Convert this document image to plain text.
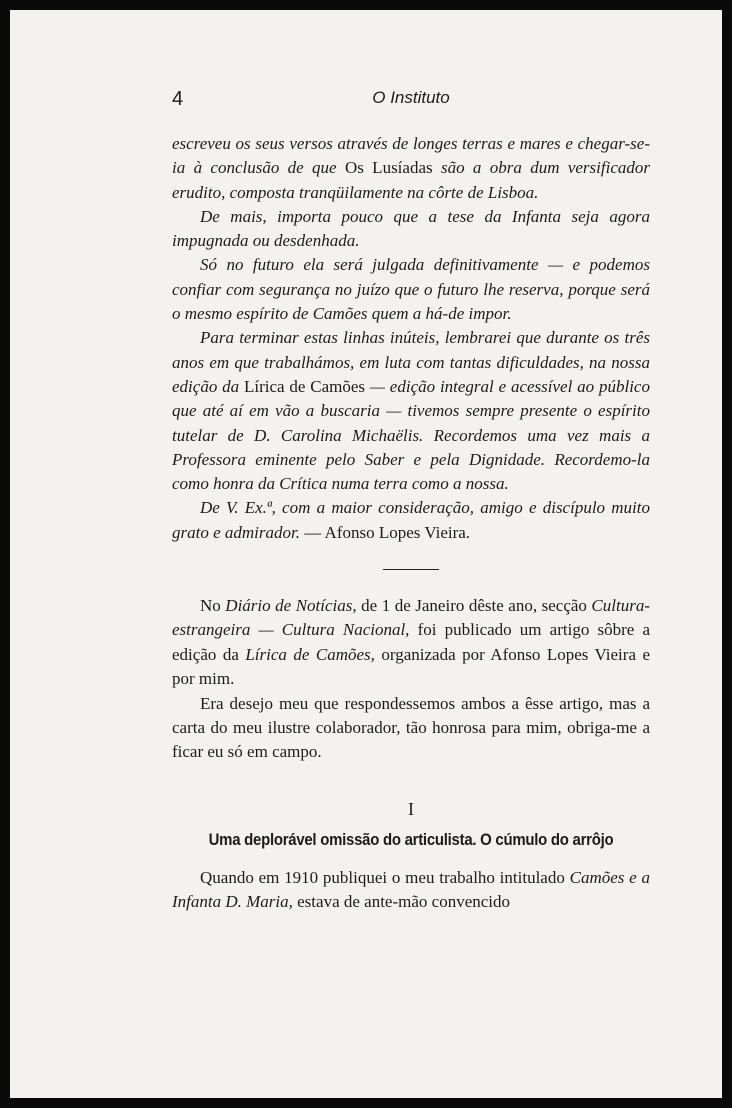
4	O Instituto

escreveu os seus versos através de longes terras e mares e chegar-se-ia à conclusão de que Os Lusíadas são a obra dum versificador erudito, composta tranqüilamente na côrte de Lisboa.

De mais, importa pouco que a tese da Infanta seja agora impugnada ou desdenhada.

Só no futuro ela será julgada definitivamente — e podemos confiar com segurança no juízo que o futuro lhe reserva, porque será o mesmo espírito de Camões quem a há-de impor.

Para terminar estas linhas inúteis, lembrarei que durante os três anos em que trabalhámos, em luta com tantas dificuldades, na nossa edição da Lírica de Camões — edição integral e acessível ao público que até aí em vão a buscaria — tivemos sempre presente o espírito tutelar de D. Carolina Michaëlis. Recordemos uma vez mais a Professora eminente pelo Saber e pela Dignidade. Recordemo-la como honra da Crítica numa terra como a nossa.

De V. Ex.ª, com a maior consideração, amigo e discípulo muito grato e admirador. — Afonso Lopes Vieira.

No Diário de Notícias, de 1 de Janeiro dêste ano, secção Cultura-estrangeira — Cultura Nacional, foi publicado um artigo sôbre a edição da Lírica de Camões, organizada por Afonso Lopes Vieira e por mim.

Era desejo meu que respondessemos ambos a êsse artigo, mas a carta do meu ilustre colaborador, tão honrosa para mim, obriga-me a ficar eu só em campo.

I
Uma deplorável omissão do articulista. O cúmulo do arrôjo

Quando em 1910 publiquei o meu trabalho intitulado Camões e a Infanta D. Maria, estava de ante-mão convencido
